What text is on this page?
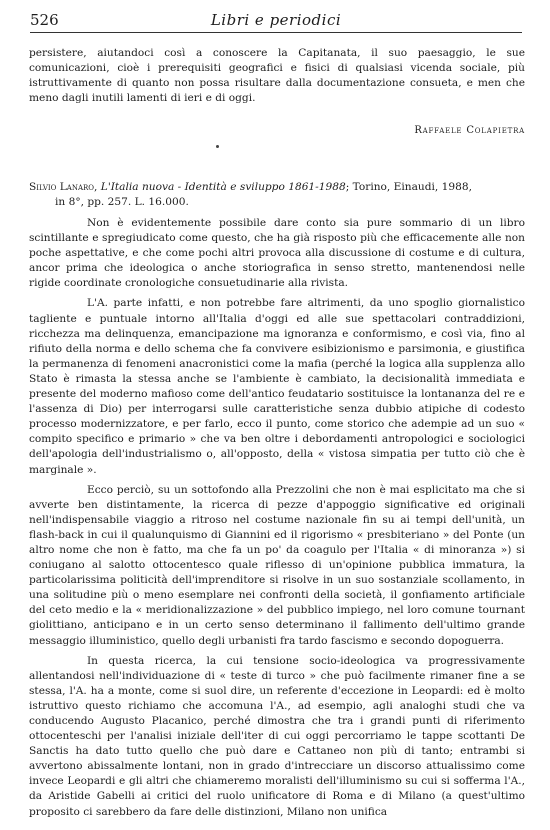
526	Libri e periodici
persistere, aiutandoci così a conoscere la Capitanata, il suo paesaggio, le sue comunicazioni, cioè i prerequisiti geografici e fisici di qualsiasi vicenda sociale, più istruttivamente di quanto non possa risultare dalla documentazione consueta, e men che meno dagli inutili lamenti di ieri e di oggi.
Raffaele Colapietra
Silvio Lanaro, L'Italia nuova - Identità e sviluppo 1861-1988; Torino, Einaudi, 1988,
in 8°, pp. 257. L. 16.000.

Non è evidentemente possibile dare conto sia pure sommario di un libro scintillante e spregiudicato come questo, che ha già risposto più che efficacemente alle non poche aspettative, e che come pochi altri provoca alla discussione di costume e di cultura, ancor prima che ideologica o anche storiografica in senso stretto, mantenendosi nelle rigide coordinate cronologiche consuetudinarie alla rivista.

L'A. parte infatti, e non potrebbe fare altrimenti, da uno spoglio giornalistico tagliente e puntuale intorno all'Italia d'oggi ed alle sue spettacolari contraddizioni, ricchezza ma delinquenza, emancipazione ma ignoranza e conformismo, e così via, fino al rifiuto della norma e dello schema che fa convivere esibizionismo e parsimonia, e giustifica la permanenza di fenomeni anacronistici come la mafia (perché la logica alla supplenza allo Stato è rimasta la stessa anche se l'ambiente è cambiato, la decisionalità immediata e presente del moderno mafioso come dell'antico feudatario sostituisce la lontananza del re e l'assenza di Dio) per interrogarsi sulle caratteristiche senza dubbio atipiche di codesto processo modernizzatore, e per farlo, ecco il punto, come storico che adempie ad un suo « compito specifico e primario » che va ben oltre i debordamenti antropologici e sociologici dell'apologia dell'industrialismo o, all'opposto, della « vistosa simpatia per tutto ciò che è marginale ».

Ecco perciò, su un sottofondo alla Prezzolini che non è mai esplicitato ma che si avverte ben distintamente, la ricerca di pezze d'appoggio significative ed originali nell'indispensabile viaggio a ritroso nel costume nazionale fin su ai tempi dell'unità, un flash-back in cui il qualunquismo di Giannini ed il rigorismo « presbiteriano » del Ponte (un altro nome che non è fatto, ma che fa un po' da coagulo per l'Italia « di minoranza ») si coniugano al salotto ottocentesco quale riflesso di un'opinione pubblica immatura, la particolarissima politicità dell'imprenditore si risolve in un suo sostanziale scollamento, in una solitudine più o meno esemplare nei confronti della società, il gonfiamento artificiale del ceto medio e la « meridionalizzazione » del pubblico impiego, nel loro comune tournant giolittiano, anticipano e in un certo senso determinano il fallimento dell'ultimo grande messaggio illuministico, quello degli urbanisti fra tardo fascismo e secondo dopoguerra.

In questa ricerca, la cui tensione socio-ideologica va progressivamente allentandosi nell'individuazione di « teste di turco » che può facilmente rimaner fine a se stessa, l'A. ha a monte, come si suol dire, un referente d'eccezione in Leopardi: ed è molto istruttivo questo richiamo che accomuna l'A., ad esempio, agli analoghi studi che va conducendo Augusto Placanico, perché dimostra che tra i grandi punti di riferimento ottocenteschi per l'analisi iniziale dell'iter di cui oggi percorriamo le tappe scottanti De Sanctis ha dato tutto quello che può dare e Cattaneo non più di tanto; entrambi si avvertono abissalmente lontani, non in grado d'intrecciare un discorso attualissimo come invece Leopardi e gli altri che chiameremo moralisti dell'illuminismo su cui si sofferma l'A., da Aristide Gabelli ai critici del ruolo unificatore di Roma e di Milano (a quest'ultimo proposito ci sarebbero da fare delle distinzioni, Milano non unifica
